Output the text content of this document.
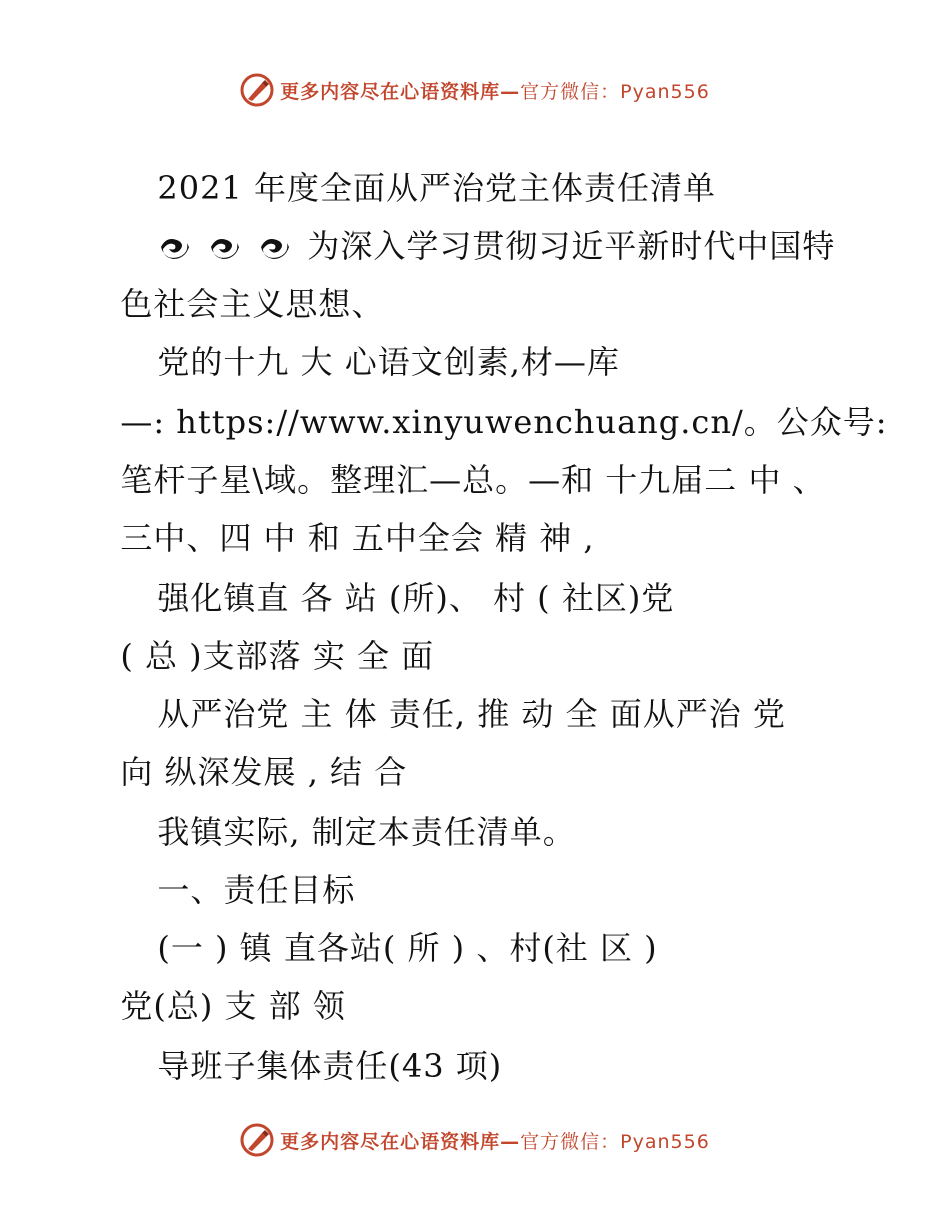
更多内容尽在心语资料库—官方微信：Pyan556

2021 年度全面从严治党主体责任清单

为深入学习贯彻习近平新时代中国特

色社会主义思想、

党的十九 大 心语文创素,材—库

—: https://www.xinyuwenchuang.cn/。公众号:

笔杆子星\域。整理汇—总。—和 十九届二 中 、

三中、四 中 和 五中全会 精 神 ,

强化镇直 各 站 (所)、 村 ( 社区)党

( 总 )支部落 实 全 面

从严治党 主 体 责任, 推 动 全 面从严治 党

向 纵深发展 , 结 合

我镇实际, 制定本责任清单。

一、责任目标

(一 ) 镇 直各站( 所 ) 、村(社 区 )

党(总) 支 部 领

导班子集体责任(43 项)

更多内容尽在心语资料库—官方微信：Pyan556
